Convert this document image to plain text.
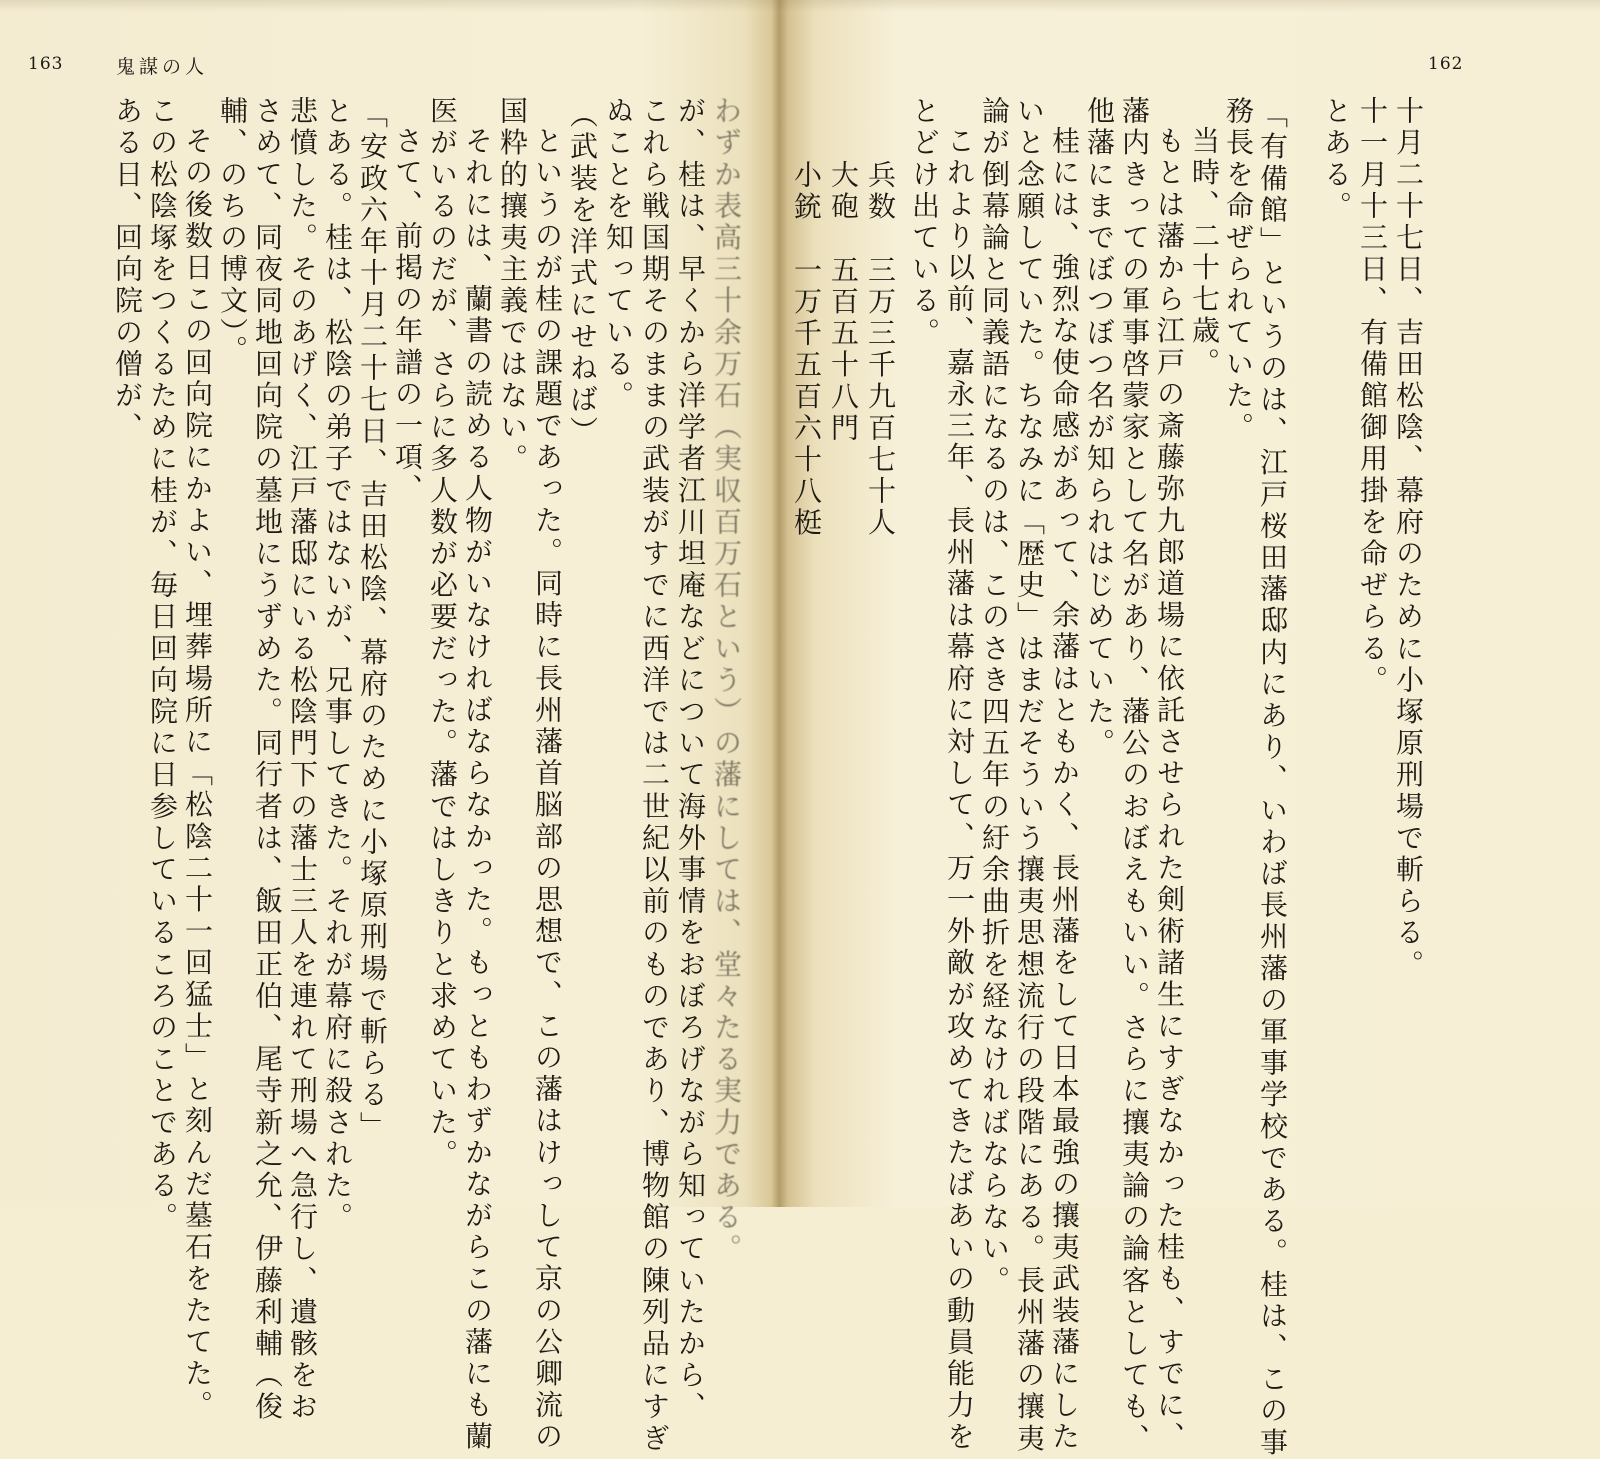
163	鬼謀の人	162
十月二十七日、吉田松陰、幕府のために小塚原刑場で斬らる。
十一月十三日、有備館御用掛を命ぜらる。
とある。
「有備館」というのは、江戸桜田藩邸内にあり、いわば長州藩の軍事学校である。桂は、この事
務長を命ぜられていた。
当時、二十七歳。
もとは藩から江戸の斎藤弥九郎道場に依託させられた剣術諸生にすぎなかった桂も、すでに、
藩内きっての軍事啓蒙家として名があり、藩公のおぼえもいい。さらに攘夷論の論客としても、
他藩にまでぼつぼつ名が知られはじめていた。
桂には、強烈な使命感があって、余藩はともかく、長州藩をして日本最強の攘夷武装藩にした
いと念願していた。ちなみに「歴史」はまだそういう攘夷思想流行の段階にある。長州藩の攘夷
論が倒幕論と同義語になるのは、このさき四五年の紆余曲折を経なければならない。
これより以前、嘉永三年、長州藩は幕府に対して、万一外敵が攻めてきたばあいの動員能力を
とどけ出ている。
兵数　三万三千九百七十人
大砲　五百五十八門
小銃　一万千五百六十八梃
わずか表高三十余万石（実収百万石という）の藩にしては、堂々たる実力である。
が、桂は、早くから洋学者江川坦庵などについて海外事情をおぼろげながら知っていたから、
これら戦国期そのままの武装がすでに西洋では二世紀以前のものであり、博物館の陳列品にすぎ
ぬことを知っている。
（武装を洋式にせねば）
というのが桂の課題であった。同時に長州藩首脳部の思想で、この藩はけっして京の公卿流の
国粋的攘夷主義ではない。
それには、蘭書の読める人物がいなければならなかった。もっともわずかながらこの藩にも蘭
医がいるのだが、さらに多人数が必要だった。藩ではしきりと求めていた。
さて、前掲の年譜の一項、
「安政六年十月二十七日、吉田松陰、幕府のために小塚原刑場で斬らる」
とある。桂は、松陰の弟子ではないが、兄事してきた。それが幕府に殺された。
悲憤した。そのあげく、江戸藩邸にいる松陰門下の藩士三人を連れて刑場へ急行し、遺骸をお
さめて、同夜同地回向院の墓地にうずめた。同行者は、飯田正伯、尾寺新之允、伊藤利輔（俊
輔、のちの博文）。
その後数日この回向院にかよい、埋葬場所に「松陰二十一回猛士」と刻んだ墓石をたてた。
この松陰塚をつくるために桂が、毎日回向院に日参しているころのことである。
ある日、回向院の僧が、
